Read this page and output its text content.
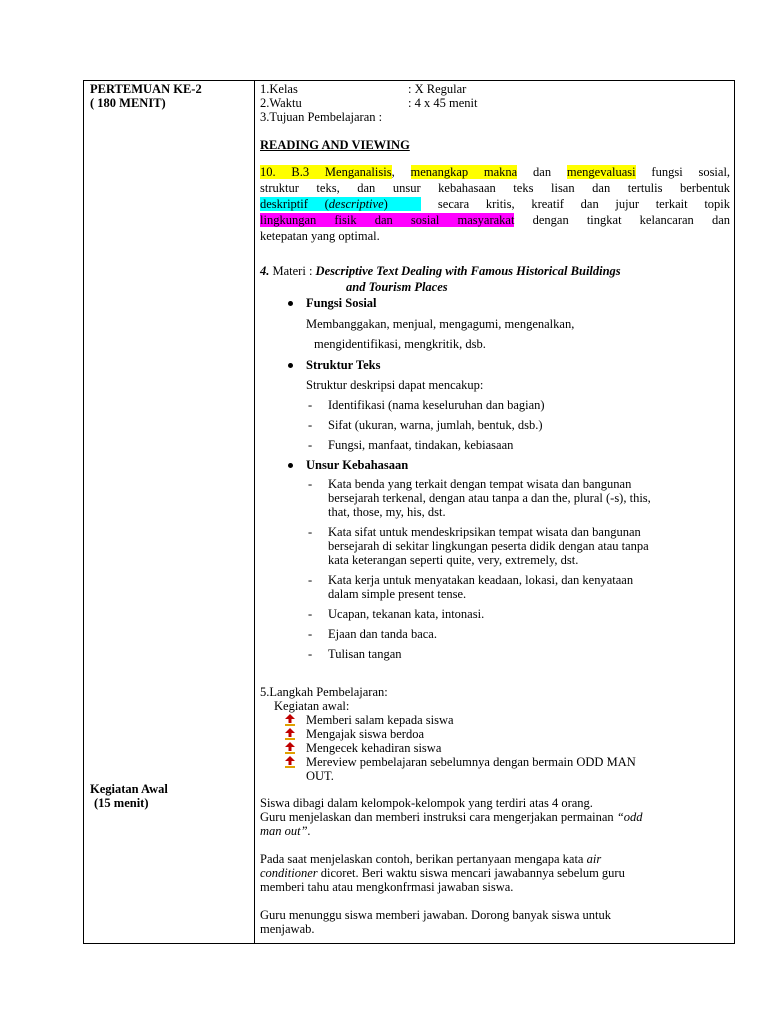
PERTEMUAN KE-2
( 180 MENIT)
Kegiatan Awal
(15 menit)
1.Kelas	: X Regular
2.Waktu	: 4 x 45 menit
3.Tujuan Pembelajaran :
READING AND VIEWING
10. B.3 Menganalisis, menangkap makna dan mengevaluasi fungsi sosial,
struktur teks, dan unsur kebahasaan teks lisan dan tertulis berbentuk
deskriptif (descriptive)	secara kritis, kreatif dan jujur terkait topik
lingkungan fisik dan sosial masyarakat dengan tingkat kelancaran dan
ketepatan yang optimal.
4. Materi : Descriptive Text Dealing with Famous Historical Buildings
and Tourism Places
Fungsi Sosial
Membanggakan, menjual, mengagumi, mengenalkan,
mengidentifikasi, mengkritik, dsb.
Struktur Teks
Struktur deskripsi dapat mencakup:
- Identifikasi (nama keseluruhan dan bagian)
- Sifat (ukuran, warna, jumlah, bentuk, dsb.)
- Fungsi, manfaat, tindakan, kebiasaan
Unsur Kebahasaan
- Kata benda yang terkait dengan tempat wisata dan bangunan
bersejarah terkenal, dengan atau tanpa a dan the, plural (-s), this,
that, those, my, his, dst.
- Kata sifat untuk mendeskripsikan tempat wisata dan bangunan
bersejarah di sekitar lingkungan peserta didik dengan atau tanpa
kata keterangan seperti quite, very, extremely, dst.
- Kata kerja untuk menyatakan keadaan, lokasi, dan kenyataan
dalam simple present tense.
- Ucapan, tekanan kata, intonasi.
- Ejaan dan tanda baca.
- Tulisan tangan
5.Langkah Pembelajaran:
Kegiatan awal:
Memberi salam kepada siswa
Mengajak siswa berdoa
Mengecek kehadiran siswa
Mereview pembelajaran sebelumnya dengan bermain ODD MAN
OUT.
Siswa dibagi dalam kelompok-kelompok yang terdiri atas 4 orang.
Guru menjelaskan dan memberi instruksi cara mengerjakan permainan “odd
man out”.
Pada saat menjelaskan contoh, berikan pertanyaan mengapa kata air
conditioner dicoret. Beri waktu siswa mencari jawabannya sebelum guru
memberi tahu atau mengkonfrmasi jawaban siswa.
Guru menunggu siswa memberi jawaban. Dorong banyak siswa untuk
menjawab.
